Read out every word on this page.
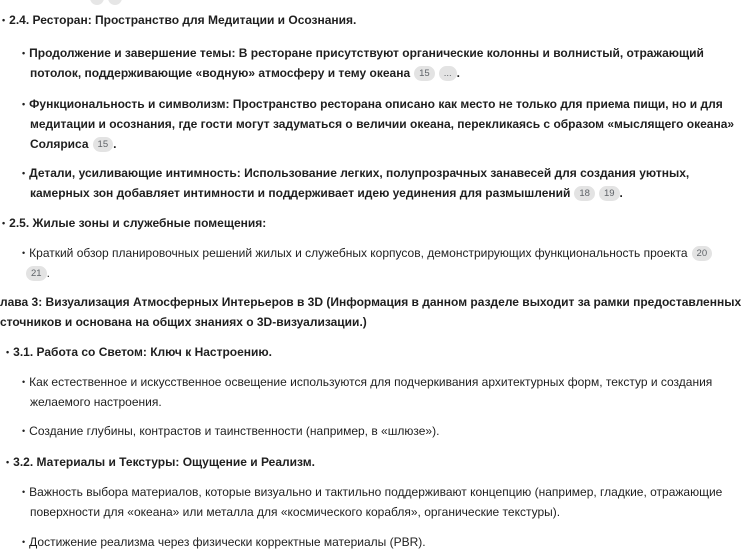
• 2.4. Ресторан: Пространство для Медитации и Осознания.
• Продолжение и завершение темы: В ресторане присутствуют органические колонны и волнистый, отражающий
потолок, поддерживающие «водную» атмосферу и тему океана 15 ... .
• Функциональность и символизм: Пространство ресторана описано как место не только для приема пищи, но и для
медитации и осознания, где гости могут задуматься о величии океана, перекликаясь с образом «мыслящего океана»
Соляриса 15 .
• Детали, усиливающие интимность: Использование легких, полупрозрачных занавесей для создания уютных,
камерных зон добавляет интимности и поддерживает идею уединения для размышлений 18 19 .
• 2.5. Жилые зоны и служебные помещения:
• Краткий обзор планировочных решений жилых и служебных корпусов, демонстрирующих функциональность проекта 20
21 .
лава 3: Визуализация Атмосферных Интерьеров в 3D (Информация в данном разделе выходит за рамки предоставленных
сточников и основана на общих знаниях о 3D-визуализации.)
• 3.1. Работа со Светом: Ключ к Настроению.
• Как естественное и искусственное освещение используются для подчеркивания архитектурных форм, текстур и создания
желаемого настроения.
• Создание глубины, контрастов и таинственности (например, в «шлюзе»).
• 3.2. Материалы и Текстуры: Ощущение и Реализм.
• Важность выбора материалов, которые визуально и тактильно поддерживают концепцию (например, гладкие, отражающие
поверхности для «океана» или металла для «космического корабля», органические текстуры).
• Достижение реализма через физически корректные материалы (PBR).
